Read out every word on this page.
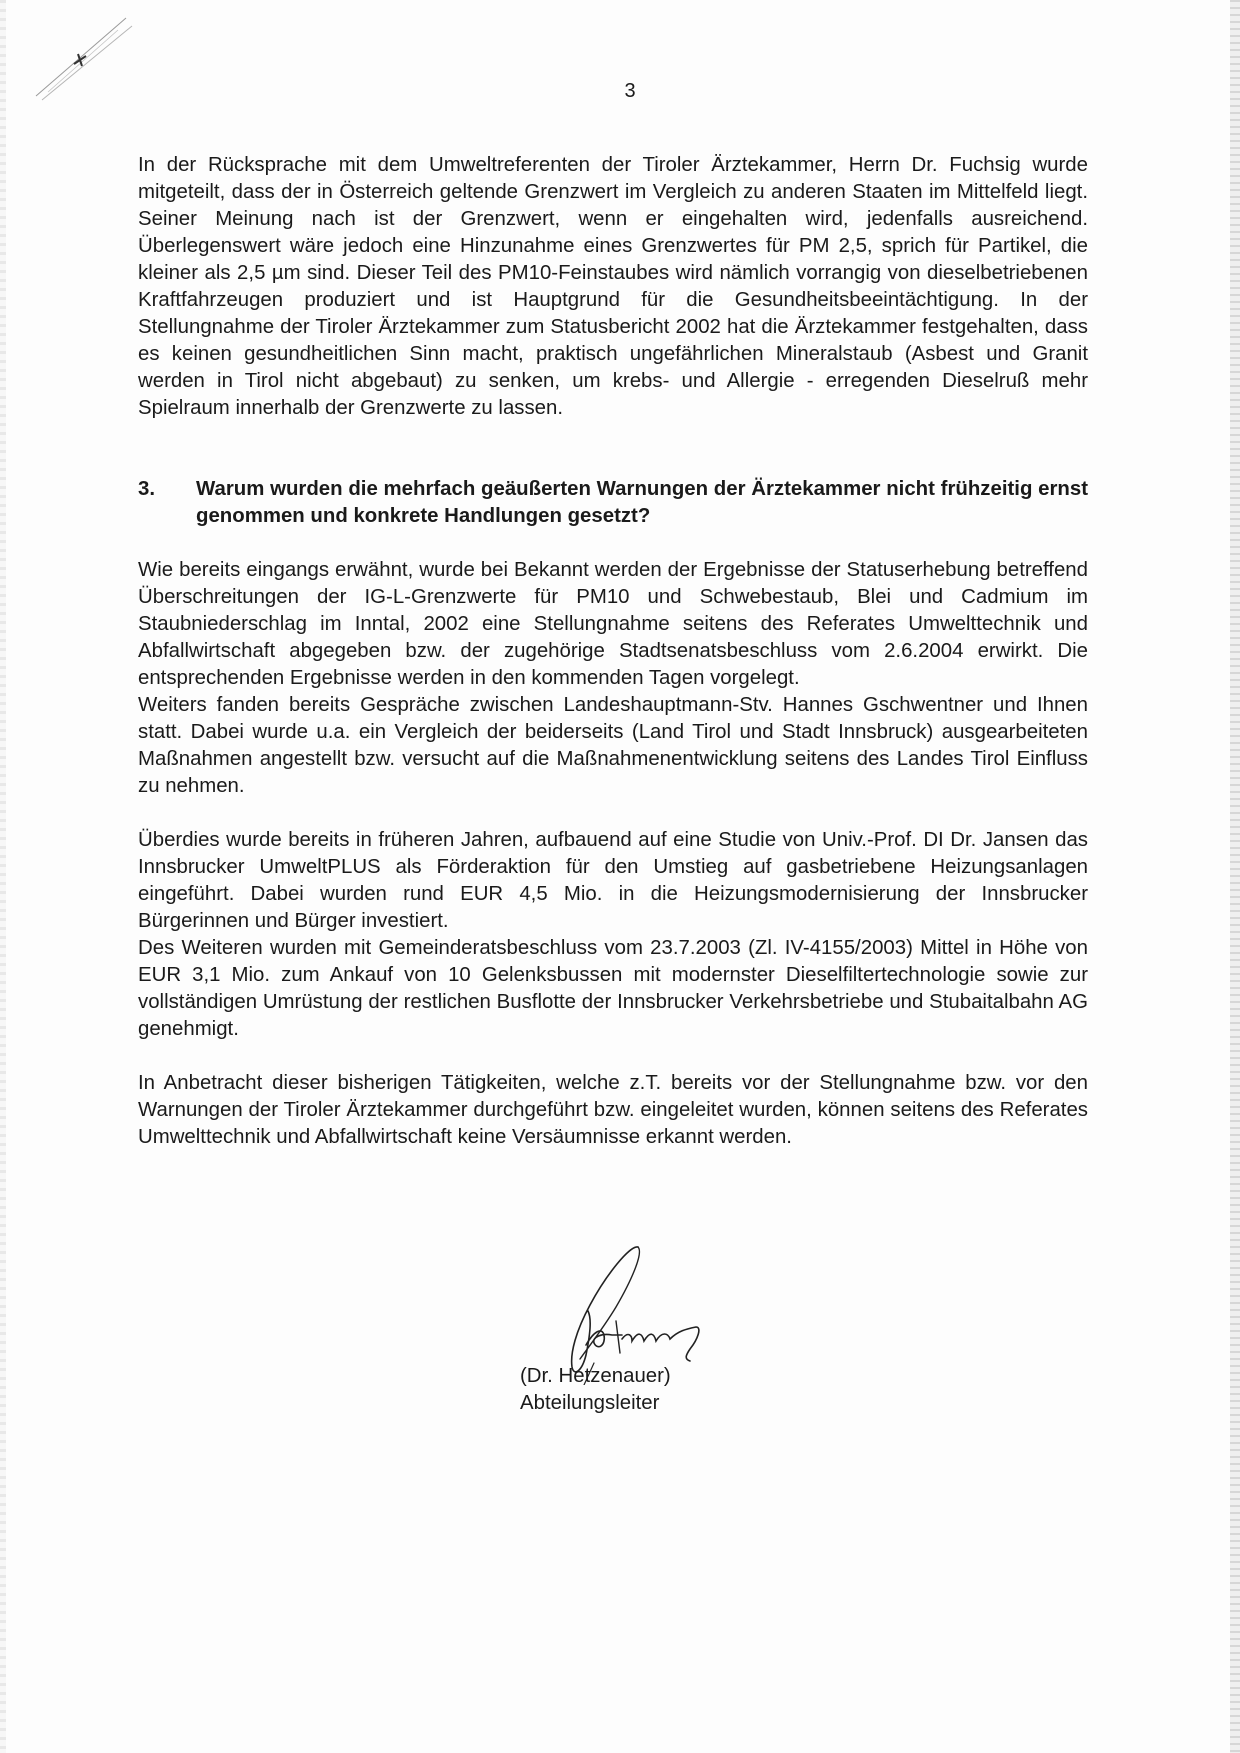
3

In der Rücksprache mit dem Umweltreferenten der Tiroler Ärztekammer, Herrn Dr. Fuchsig wurde mitgeteilt, dass der in Österreich geltende Grenzwert im Vergleich zu anderen Staaten im Mittelfeld liegt. Seiner Meinung nach ist der Grenzwert, wenn er eingehalten wird, jedenfalls ausreichend. Überlegenswert wäre jedoch eine Hinzunahme eines Grenzwertes für PM 2,5, sprich für Partikel, die kleiner als 2,5 µm sind. Dieser Teil des PM10-Feinstaubes wird nämlich vorrangig von dieselbetriebenen Kraftfahrzeugen produziert und ist Hauptgrund für die Gesundheitsbeeintächtigung. In der Stellungnahme der Tiroler Ärztekammer zum Statusbericht 2002 hat die Ärztekammer festgehalten, dass es keinen gesundheitlichen Sinn macht, praktisch ungefährlichen Mineralstaub (Asbest und Granit werden in Tirol nicht abgebaut) zu senken, um krebs- und Allergie - erregenden Dieselruß mehr Spielraum innerhalb der Grenzwerte zu lassen.

3.	Warum wurden die mehrfach geäußerten Warnungen der Ärztekammer nicht frühzeitig ernst genommen und konkrete Handlungen gesetzt?

Wie bereits eingangs erwähnt, wurde bei Bekannt werden der Ergebnisse der Statuserhebung betreffend Überschreitungen der IG-L-Grenzwerte für PM10 und Schwebestaub, Blei und Cadmium im Staubniederschlag im Inntal, 2002 eine Stellungnahme seitens des Referates Umwelttechnik und Abfallwirtschaft abgegeben bzw. der zugehörige Stadtsenatsbeschluss vom 2.6.2004 erwirkt. Die entsprechenden Ergebnisse werden in den kommenden Tagen vorgelegt.

Weiters fanden bereits Gespräche zwischen Landeshauptmann-Stv. Hannes Gschwentner und Ihnen statt. Dabei wurde u.a. ein Vergleich der beiderseits (Land Tirol und Stadt Innsbruck) ausgearbeiteten Maßnahmen angestellt bzw. versucht auf die Maßnahmenentwicklung seitens des Landes Tirol Einfluss zu nehmen.

Überdies wurde bereits in früheren Jahren, aufbauend auf eine Studie von Univ.-Prof. DI Dr. Jansen das Innsbrucker UmweltPLUS als Förderaktion für den Umstieg auf gasbetriebene Heizungsanlagen eingeführt. Dabei wurden rund EUR 4,5 Mio. in die Heizungsmodernisierung der Innsbrucker Bürgerinnen und Bürger investiert.

Des Weiteren wurden mit Gemeinderatsbeschluss vom 23.7.2003 (Zl. IV-4155/2003) Mittel in Höhe von EUR 3,1 Mio. zum Ankauf von 10 Gelenksbussen mit modernster Dieselfiltertechnologie sowie zur vollständigen Umrüstung der restlichen Busflotte der Innsbrucker Verkehrsbetriebe und Stubaitalbahn AG genehmigt.

In Anbetracht dieser bisherigen Tätigkeiten, welche z.T. bereits vor der Stellungnahme bzw. vor den Warnungen der Tiroler Ärztekammer durchgeführt bzw. eingeleitet wurden, können seitens des Referates Umwelttechnik und Abfallwirtschaft keine Versäumnisse erkannt werden.

(Dr. Hetzenauer)
Abteilungsleiter
